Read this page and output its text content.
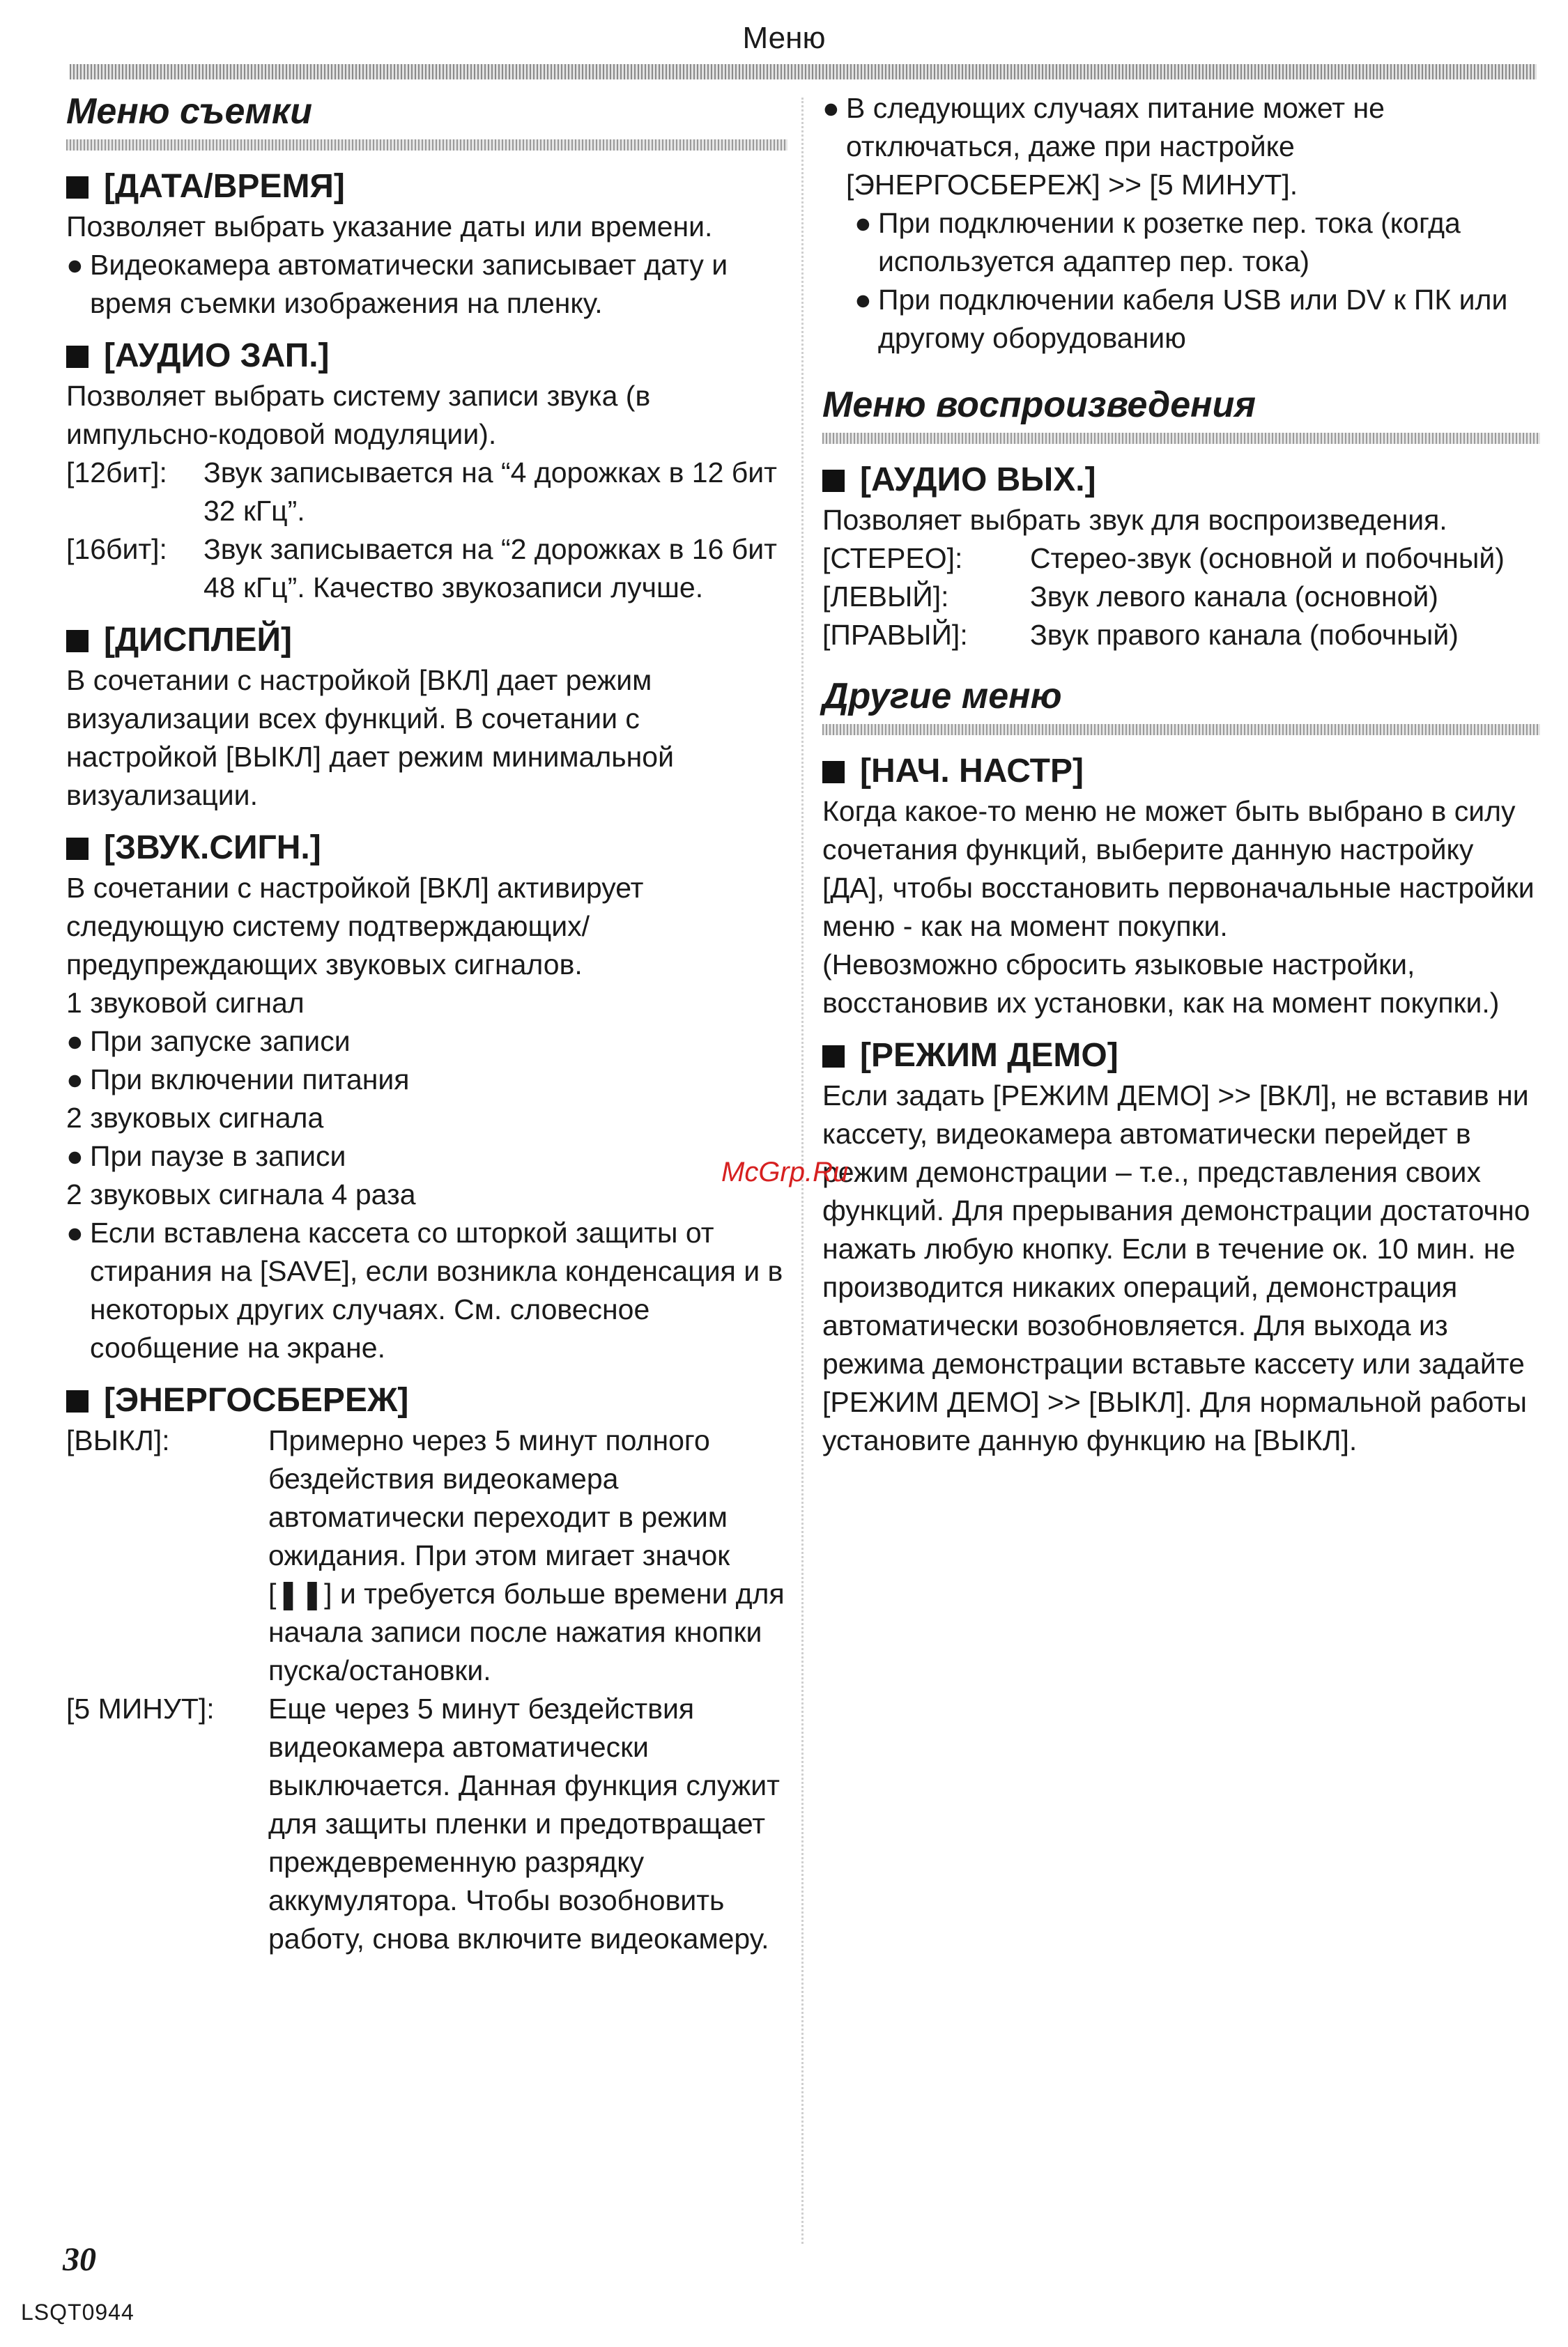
Меню
Меню съемки
[ДАТА/ВРЕМЯ]

Позволяет выбрать указание даты или времени.

● Видеокамера автоматически записывает дату и время съемки изображения на пленку.
[АУДИО ЗАП.]

Позволяет выбрать систему записи звука (в импульсно-кодовой модуляции).

[12бит]:	Звук записывается на “4 дорожках в 12 бит 32 кГц”.
[16бит]:	Звук записывается на “2 дорожках в 16 бит 48 кГц”. Качество звукозаписи лучше.
[ДИСПЛЕЙ]

В сочетании с настройкой [ВКЛ] дает режим визуализации всех функций. В сочетании с настройкой [ВЫКЛ] дает режим минимальной визуализации.

[ЗВУК.СИГН.]

В сочетании с настройкой [ВКЛ] активирует следующую систему подтверждающих/ предупреждающих звуковых сигналов.

1 звуковой сигнал

● При запуске записи
● При включении питания

2 звуковых сигнала

● При паузе в записи

2 звуковых сигнала 4 раза

● Если вставлена кассета со шторкой защиты от стирания на [SAVE], если возникла конденсация и в некоторых других случаях. См. словесное сообщение на экране.
[ЭНЕРГОСБЕРЕЖ]
[ВЫКЛ]:	Примерно через 5 минут полного бездействия видеокамера автоматически переходит в режим ожидания. При этом мигает значок [❚❚] и требуется больше времени для начала записи после нажатия кнопки пуска/остановки.
[5 МИНУТ]:	Еще через 5 минут бездействия видеокамера автоматически выключается. Данная функция служит для защиты пленки и предотвращает преждевременную разрядку аккумулятора. Чтобы возобновить работу, снова включите видеокамеру.
● В следующих случаях питание может не отключаться, даже при настройке [ЭНЕРГОСБЕРЕЖ] >> [5 МИНУТ].
● При подключении к розетке пер. тока (когда используется адаптер пер. тока)
● При подключении кабеля USB или DV к ПК или другому оборудованию
Меню воспроизведения
[АУДИО ВЫХ.]

Позволяет выбрать звук для воспроизведения.

[СТЕРЕО]:	Стерео-звук (основной и побочный)
[ЛЕВЫЙ]:	Звук левого канала (основной)
[ПРАВЫЙ]:	Звук правого канала (побочный)
Другие меню
[НАЧ. НАСТР]

Когда какое-то меню не может быть выбрано в силу сочетания функций, выберите данную настройку [ДА], чтобы восстановить первоначальные настройки меню - как на момент покупки.

(Невозможно сбросить языковые настройки, восстановив их установки, как на момент покупки.)

[РЕЖИМ ДЕМО]

Если задать [РЕЖИМ ДЕМО] >> [ВКЛ], не вставив ни кассету, видеокамера автоматически перейдет в режим демонстрации – т.е., представления своих функций. Для прерывания демонстрации достаточно нажать любую кнопку. Если в течение ок. 10 мин. не производится никаких операций, демонстрация автоматически возобновляется. Для выхода из режима демонстрации вставьте кассету или задайте [РЕЖИМ ДЕМО] >> [ВЫКЛ]. Для нормальной работы установите данную функцию на [ВЫКЛ].

McGrp.Ru
30
LSQT0944
